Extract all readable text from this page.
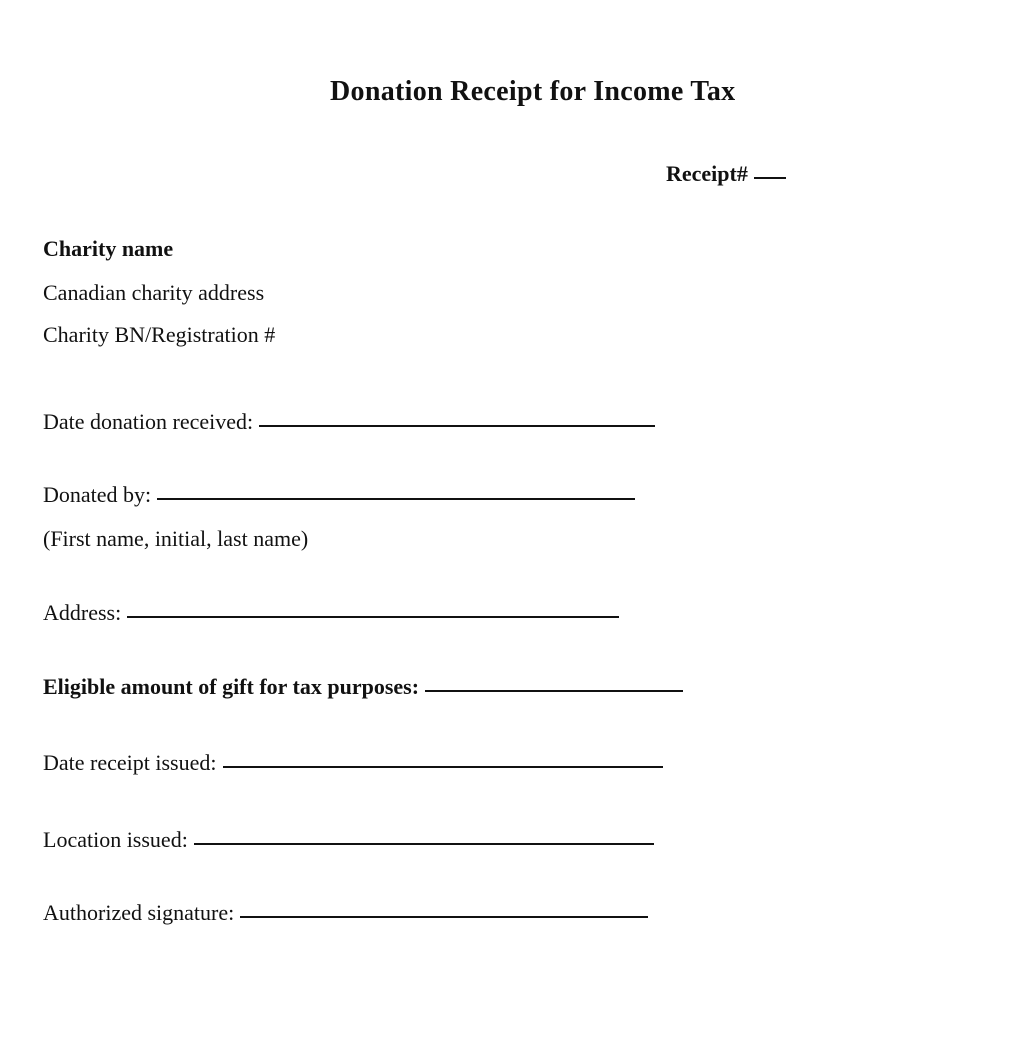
Donation Receipt for Income Tax
Receipt#
Charity name
Canadian charity address
Charity BN/Registration #
Date donation received:
Donated by:
(First name, initial, last name)
Address:
Eligible amount of gift for tax purposes:
Date receipt issued:
Location issued:
Authorized signature:
